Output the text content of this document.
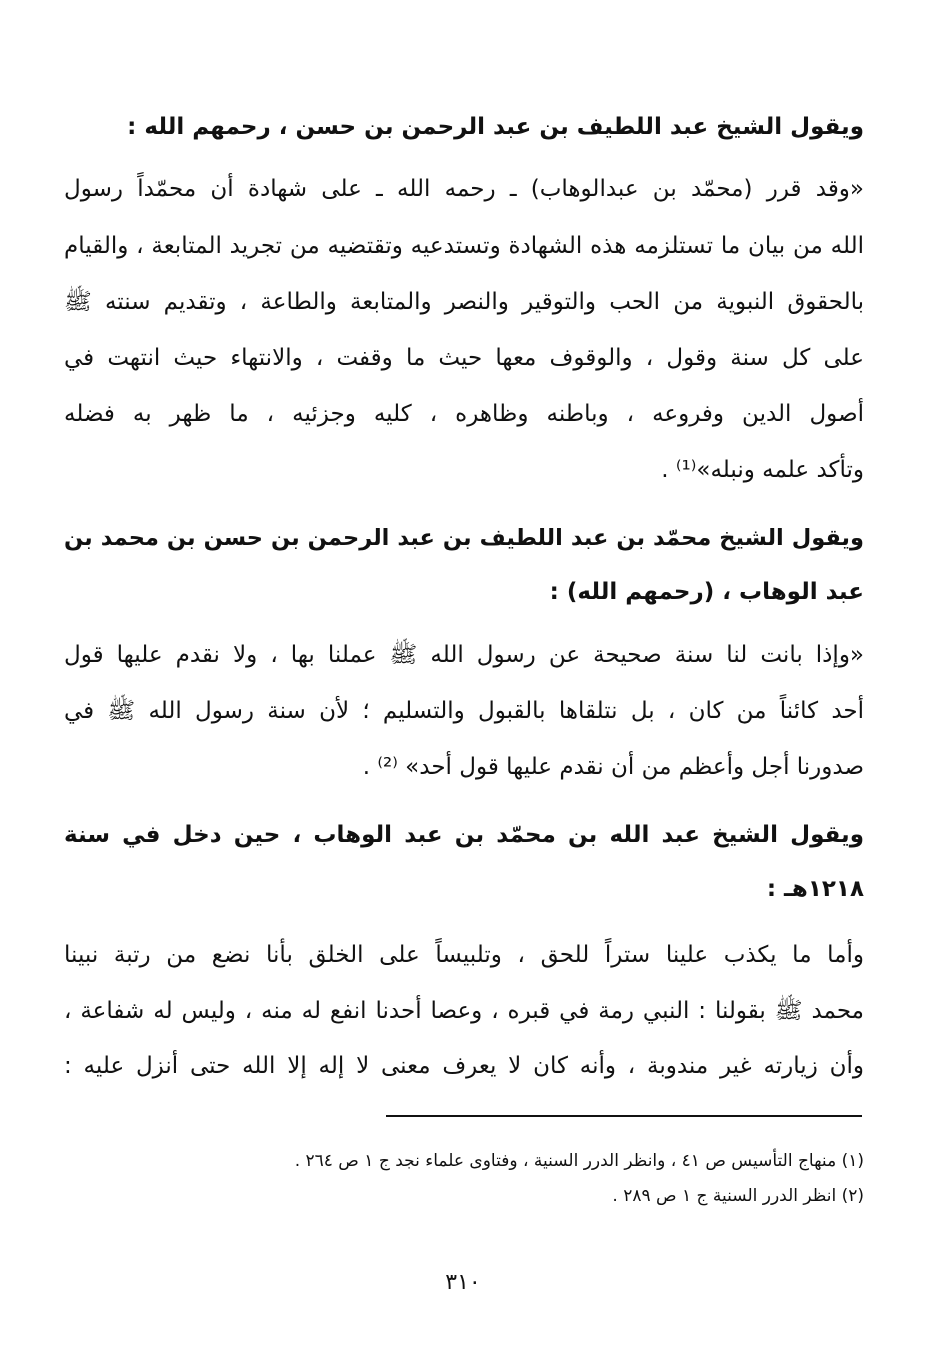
ويقول الشيخ عبد اللطيف بن عبد الرحمن بن حسن ، رحمهم الله :
«وقد قرر (محمّد بن عبدالوهاب) ـ رحمه الله ـ على شهادة أن محمّداً رسول
الله من بيان ما تستلزمه هذه الشهادة وتستدعيه وتقتضيه من تجريد المتابعة ، والقيام
بالحقوق النبوية من الحب والتوقير والنصر والمتابعة والطاعة ، وتقديم سنته ﷺ
على كل سنة وقول ، والوقوف معها حيث ما وقفت ، والانتهاء حيث انتهت في
أصول الدين وفروعه ، وباطنه وظاهره ، كليه وجزئيه ، ما ظهر به فضله
وتأكد علمه ونبله»⁽¹⁾ .
ويقول الشيخ محمّد بن عبد اللطيف بن عبد الرحمن بن حسن بن محمد بن
عبد الوهاب ، (رحمهم الله) :
«وإذا بانت لنا سنة صحيحة عن رسول الله ﷺ عملنا بها ، ولا نقدم عليها قول
أحد كائناً من كان ، بل نتلقاها بالقبول والتسليم ؛ لأن سنة رسول الله ﷺ في
صدورنا أجل وأعظم من أن نقدم عليها قول أحد» ⁽²⁾ .
ويقول الشيخ عبد الله بن محمّد بن عبد الوهاب ، حين دخل في سنة
١٢١٨هـ :
وأما ما يكذب علينا ستراً للحق ، وتلبيساً على الخلق بأنا نضع من رتبة نبينا
محمد ﷺ بقولنا : النبي رمة في قبره ، وعصا أحدنا انفع له منه ، وليس له شفاعة ،
وأن زيارته غير مندوبة ، وأنه كان لا يعرف معنى لا إله إلا الله حتى أنزل عليه :
(١) منهاج التأسيس ص ٤١ ، وانظر الدرر السنية ، وفتاوى علماء نجد ج ١ ص ٢٦٤ .
(٢) انظر الدرر السنية ج ١ ص ٢٨٩ .
٣١٠
